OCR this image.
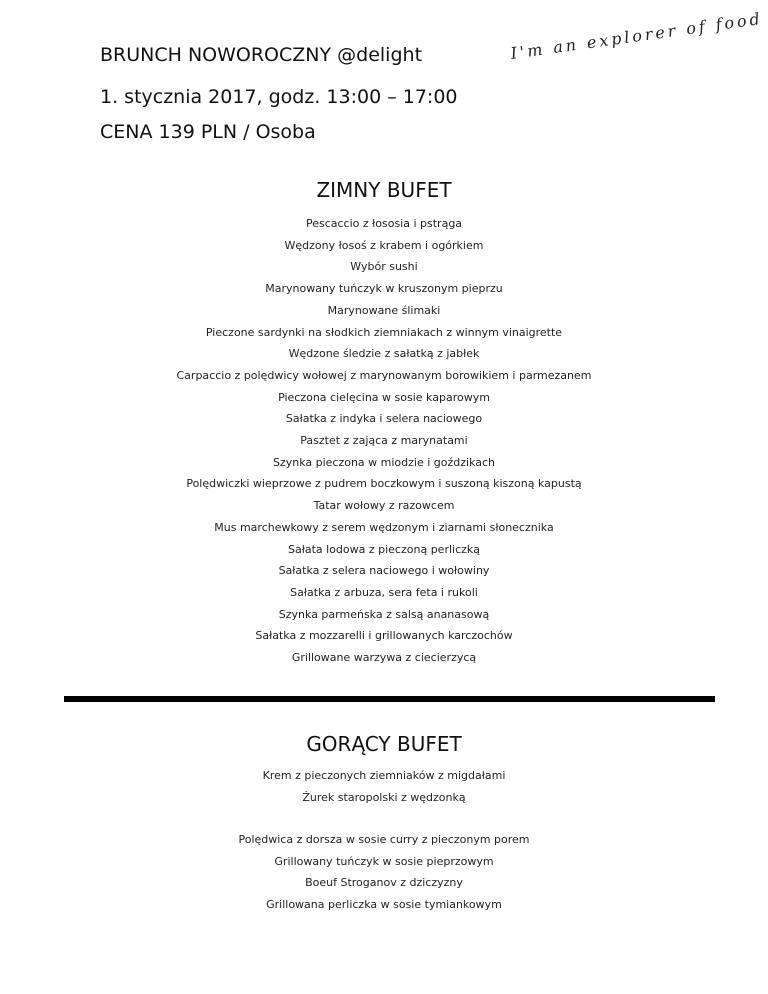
BRUNCH NOWOROCZNY @delight
1. stycznia 2017, godz. 13:00 – 17:00
CENA 139 PLN / Osoba
I'm an explorer of food
ZIMNY BUFET
Pescaccio z łososia i pstrąga
Wędzony łosoś z krabem i ogórkiem
Wybór sushi
Marynowany tuńczyk w kruszonym pieprzu
Marynowane ślimaki
Pieczone sardynki na słodkich ziemniakach z winnym vinaigrette
Wędzone śledzie z sałatką z jabłek
Carpaccio z polędwicy wołowej z marynowanym borowikiem i parmezanem
Pieczona cielęcina w sosie kaparowym
Sałatka z indyka i selera naciowego
Pasztet z zająca z marynatami
Szynka pieczona w miodzie i goździkach
Polędwiczki wieprzowe z pudrem boczkowym i suszoną kiszoną kapustą
Tatar wołowy z razowcem
Mus marchewkowy z serem wędzonym i ziarnami słonecznika
Sałata lodowa z pieczoną perliczką
Sałatka z selera naciowego i wołowiny
Sałatka z arbuza, sera feta i rukoli
Szynka parmeńska z salsą ananasową
Sałatka z mozzarelli i grillowanych karczochów
Grillowane warzywa z ciecierzycą
GORĄCY BUFET
Krem z pieczonych ziemniaków z migdałami
Żurek staropolski z wędzonką
Polędwica z dorsza w sosie curry z pieczonym porem
Grillowany tuńczyk w sosie pieprzowym
Boeuf Stroganov z dziczyzny
Grillowana perliczka w sosie tymiankowym
